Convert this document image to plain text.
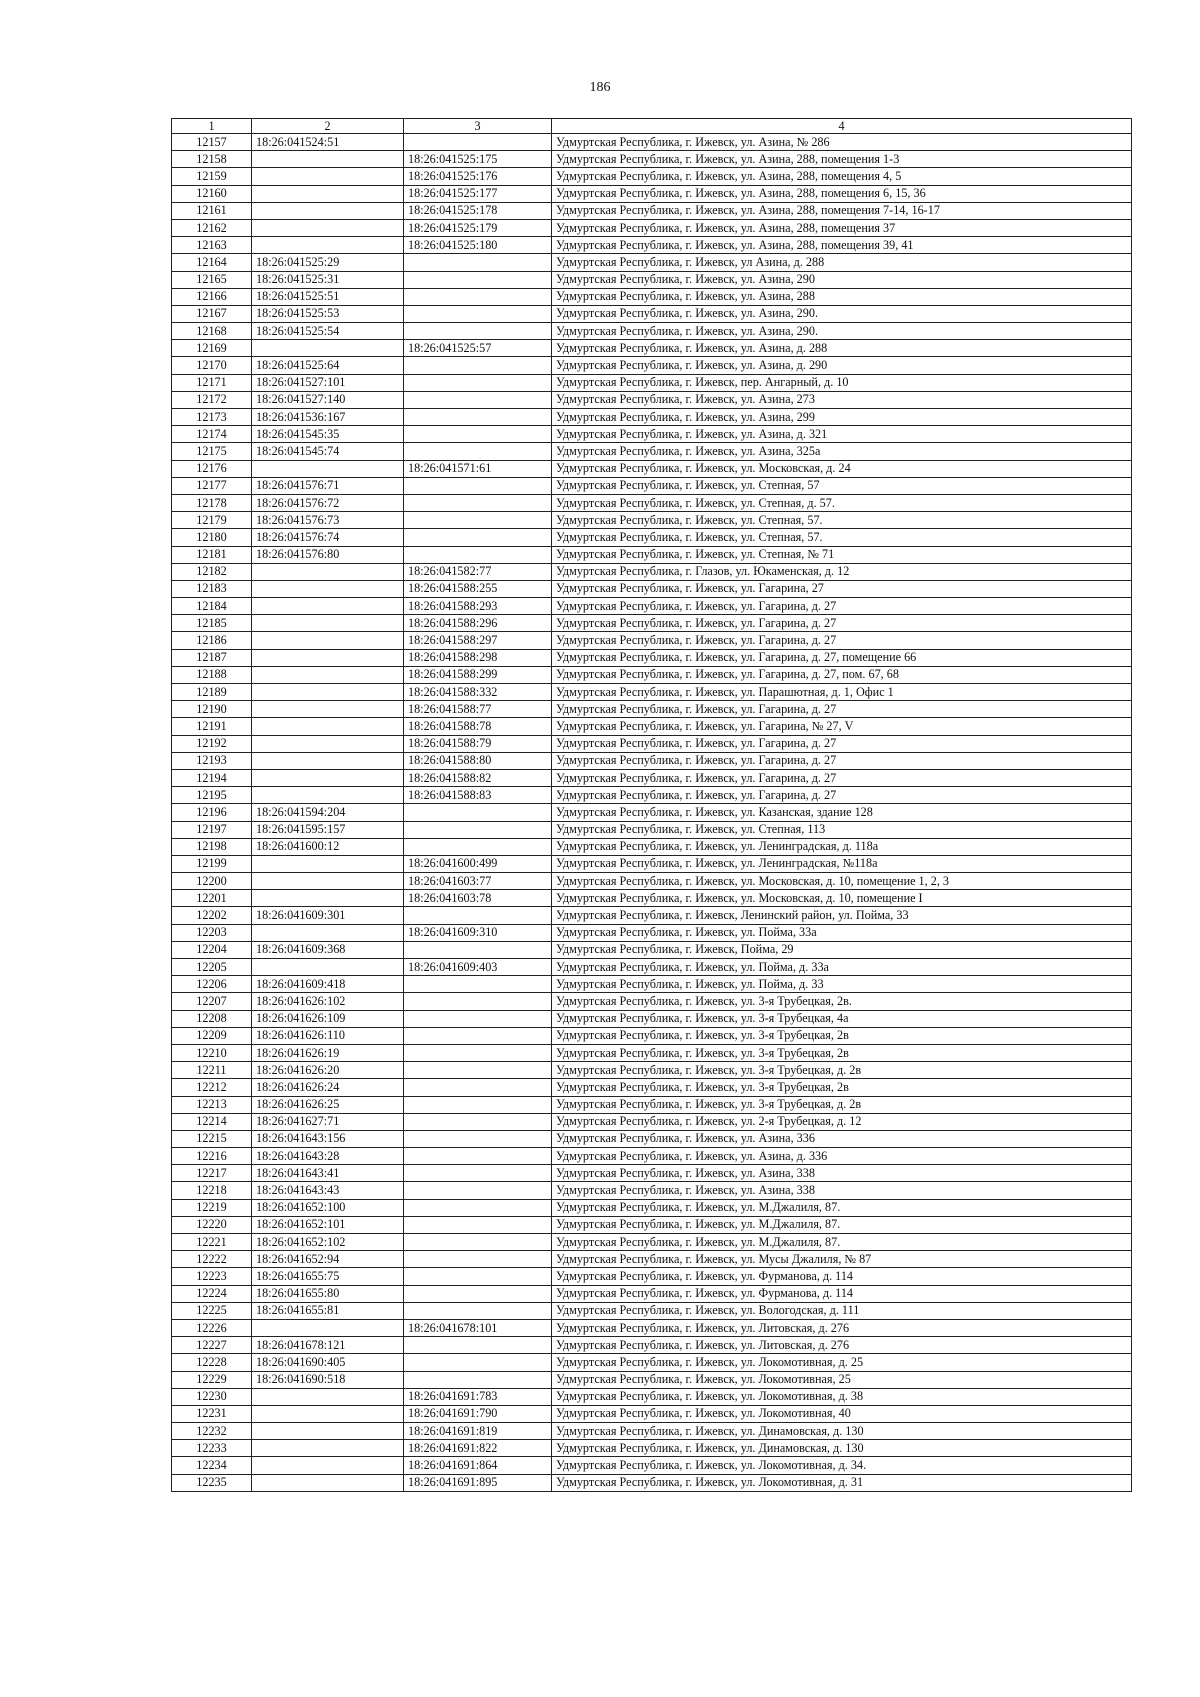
186
1	2	3	4
12157	18:26:041524:51		Удмуртская Республика, г. Ижевск, ул. Азина, № 286
12158		18:26:041525:175	Удмуртская Республика, г. Ижевск, ул. Азина, 288, помещения 1-3
12159		18:26:041525:176	Удмуртская Республика, г. Ижевск, ул. Азина, 288, помещения 4, 5
12160		18:26:041525:177	Удмуртская Республика, г. Ижевск, ул. Азина, 288, помещения 6, 15, 36
12161		18:26:041525:178	Удмуртская Республика, г. Ижевск, ул. Азина, 288, помещения 7-14, 16-17
12162		18:26:041525:179	Удмуртская Республика, г. Ижевск, ул. Азина, 288, помещения 37
12163		18:26:041525:180	Удмуртская Республика, г. Ижевск, ул. Азина, 288, помещения 39, 41
12164	18:26:041525:29		Удмуртская Республика, г. Ижевск, ул Азина, д. 288
12165	18:26:041525:31		Удмуртская Республика, г. Ижевск, ул. Азина, 290
12166	18:26:041525:51		Удмуртская Республика, г. Ижевск, ул. Азина, 288
12167	18:26:041525:53		Удмуртская Республика, г. Ижевск, ул. Азина, 290.
12168	18:26:041525:54		Удмуртская Республика, г. Ижевск, ул. Азина, 290.
12169		18:26:041525:57	Удмуртская Республика, г. Ижевск, ул. Азина, д. 288
12170	18:26:041525:64		Удмуртская Республика, г. Ижевск, ул. Азина, д. 290
12171	18:26:041527:101		Удмуртская Республика, г. Ижевск, пер. Ангарный, д. 10
12172	18:26:041527:140		Удмуртская Республика, г. Ижевск, ул. Азина, 273
12173	18:26:041536:167		Удмуртская Республика, г. Ижевск, ул. Азина, 299
12174	18:26:041545:35		Удмуртская Республика, г. Ижевск, ул. Азина, д. 321
12175	18:26:041545:74		Удмуртская Республика, г. Ижевск, ул. Азина, 325а
12176		18:26:041571:61	Удмуртская Республика, г. Ижевск, ул. Московская, д. 24
12177	18:26:041576:71		Удмуртская Республика, г. Ижевск, ул. Степная, 57
12178	18:26:041576:72		Удмуртская Республика, г. Ижевск, ул. Степная, д. 57.
12179	18:26:041576:73		Удмуртская Республика, г. Ижевск, ул. Степная, 57.
12180	18:26:041576:74		Удмуртская Республика, г. Ижевск, ул. Степная, 57.
12181	18:26:041576:80		Удмуртская Республика, г. Ижевск, ул. Степная, № 71
12182		18:26:041582:77	Удмуртская Республика, г. Глазов, ул. Юкаменская, д. 12
12183		18:26:041588:255	Удмуртская Республика, г. Ижевск, ул. Гагарина, 27
12184		18:26:041588:293	Удмуртская Республика, г. Ижевск, ул. Гагарина, д. 27
12185		18:26:041588:296	Удмуртская Республика, г. Ижевск, ул. Гагарина, д. 27
12186		18:26:041588:297	Удмуртская Республика, г. Ижевск, ул. Гагарина, д. 27
12187		18:26:041588:298	Удмуртская Республика, г. Ижевск, ул. Гагарина, д. 27, помещение 66
12188		18:26:041588:299	Удмуртская Республика, г. Ижевск, ул. Гагарина, д. 27, пом. 67, 68
12189		18:26:041588:332	Удмуртская Республика, г. Ижевск, ул. Парашютная, д. 1, Офис 1
12190		18:26:041588:77	Удмуртская Республика, г. Ижевск, ул. Гагарина, д. 27
12191		18:26:041588:78	Удмуртская Республика, г. Ижевск, ул. Гагарина, № 27, V
12192		18:26:041588:79	Удмуртская Республика, г. Ижевск, ул. Гагарина, д. 27
12193		18:26:041588:80	Удмуртская Республика, г. Ижевск, ул. Гагарина, д. 27
12194		18:26:041588:82	Удмуртская Республика, г. Ижевск, ул. Гагарина, д. 27
12195		18:26:041588:83	Удмуртская Республика, г. Ижевск, ул. Гагарина, д. 27
12196	18:26:041594:204		Удмуртская Республика, г. Ижевск, ул. Казанская, здание 128
12197	18:26:041595:157		Удмуртская Республика, г. Ижевск, ул. Степная, 113
12198	18:26:041600:12		Удмуртская Республика, г. Ижевск, ул. Ленинградская, д. 118а
12199		18:26:041600:499	Удмуртская Республика, г. Ижевск, ул. Ленинградская, №118а
12200		18:26:041603:77	Удмуртская Республика, г. Ижевск, ул. Московская, д. 10, помещение 1, 2, 3
12201		18:26:041603:78	Удмуртская Республика, г. Ижевск, ул. Московская, д. 10, помещение I
12202	18:26:041609:301		Удмуртская Республика, г. Ижевск, Ленинский район, ул. Пойма, 33
12203		18:26:041609:310	Удмуртская Республика, г. Ижевск, ул. Пойма, 33а
12204	18:26:041609:368		Удмуртская Республика, г. Ижевск, Пойма, 29
12205		18:26:041609:403	Удмуртская Республика, г. Ижевск, ул. Пойма, д. 33а
12206	18:26:041609:418		Удмуртская Республика, г. Ижевск, ул. Пойма, д. 33
12207	18:26:041626:102		Удмуртская Республика, г. Ижевск, ул. 3-я Трубецкая, 2в.
12208	18:26:041626:109		Удмуртская Республика, г. Ижевск, ул. 3-я Трубецкая, 4а
12209	18:26:041626:110		Удмуртская Республика, г. Ижевск, ул. 3-я Трубецкая, 2в
12210	18:26:041626:19		Удмуртская Республика, г. Ижевск, ул. 3-я Трубецкая, 2в
12211	18:26:041626:20		Удмуртская Республика, г. Ижевск, ул. 3-я Трубецкая, д. 2в
12212	18:26:041626:24		Удмуртская Республика, г. Ижевск, ул. 3-я Трубецкая, 2в
12213	18:26:041626:25		Удмуртская Республика, г. Ижевск, ул. 3-я Трубецкая, д. 2в
12214	18:26:041627:71		Удмуртская Республика, г. Ижевск, ул. 2-я Трубецкая, д. 12
12215	18:26:041643:156		Удмуртская Республика, г. Ижевск, ул. Азина, 336
12216	18:26:041643:28		Удмуртская Республика, г. Ижевск, ул. Азина, д. 336
12217	18:26:041643:41		Удмуртская Республика, г. Ижевск, ул. Азина, 338
12218	18:26:041643:43		Удмуртская Республика, г. Ижевск, ул. Азина, 338
12219	18:26:041652:100		Удмуртская Республика, г. Ижевск, ул. М.Джалиля, 87.
12220	18:26:041652:101		Удмуртская Республика, г. Ижевск, ул. М.Джалиля, 87.
12221	18:26:041652:102		Удмуртская Республика, г. Ижевск, ул. М.Джалиля, 87.
12222	18:26:041652:94		Удмуртская Республика, г. Ижевск, ул. Мусы Джалиля, № 87
12223	18:26:041655:75		Удмуртская Республика, г. Ижевск, ул. Фурманова, д. 114
12224	18:26:041655:80		Удмуртская Республика, г. Ижевск, ул. Фурманова, д. 114
12225	18:26:041655:81		Удмуртская Республика, г. Ижевск, ул. Вологодская, д. 111
12226		18:26:041678:101	Удмуртская Республика, г. Ижевск, ул. Литовская, д. 276
12227	18:26:041678:121		Удмуртская Республика, г. Ижевск, ул. Литовская, д. 276
12228	18:26:041690:405		Удмуртская Республика, г. Ижевск, ул. Локомотивная, д. 25
12229	18:26:041690:518		Удмуртская Республика, г. Ижевск, ул. Локомотивная, 25
12230		18:26:041691:783	Удмуртская Республика, г. Ижевск, ул. Локомотивная, д. 38
12231		18:26:041691:790	Удмуртская Республика, г. Ижевск, ул. Локомотивная, 40
12232		18:26:041691:819	Удмуртская Республика, г. Ижевск, ул. Динамовская, д. 130
12233		18:26:041691:822	Удмуртская Республика, г. Ижевск, ул. Динамовская, д. 130
12234		18:26:041691:864	Удмуртская Республика, г. Ижевск, ул. Локомотивная, д. 34.
12235		18:26:041691:895	Удмуртская Республика, г. Ижевск, ул. Локомотивная, д. 31
